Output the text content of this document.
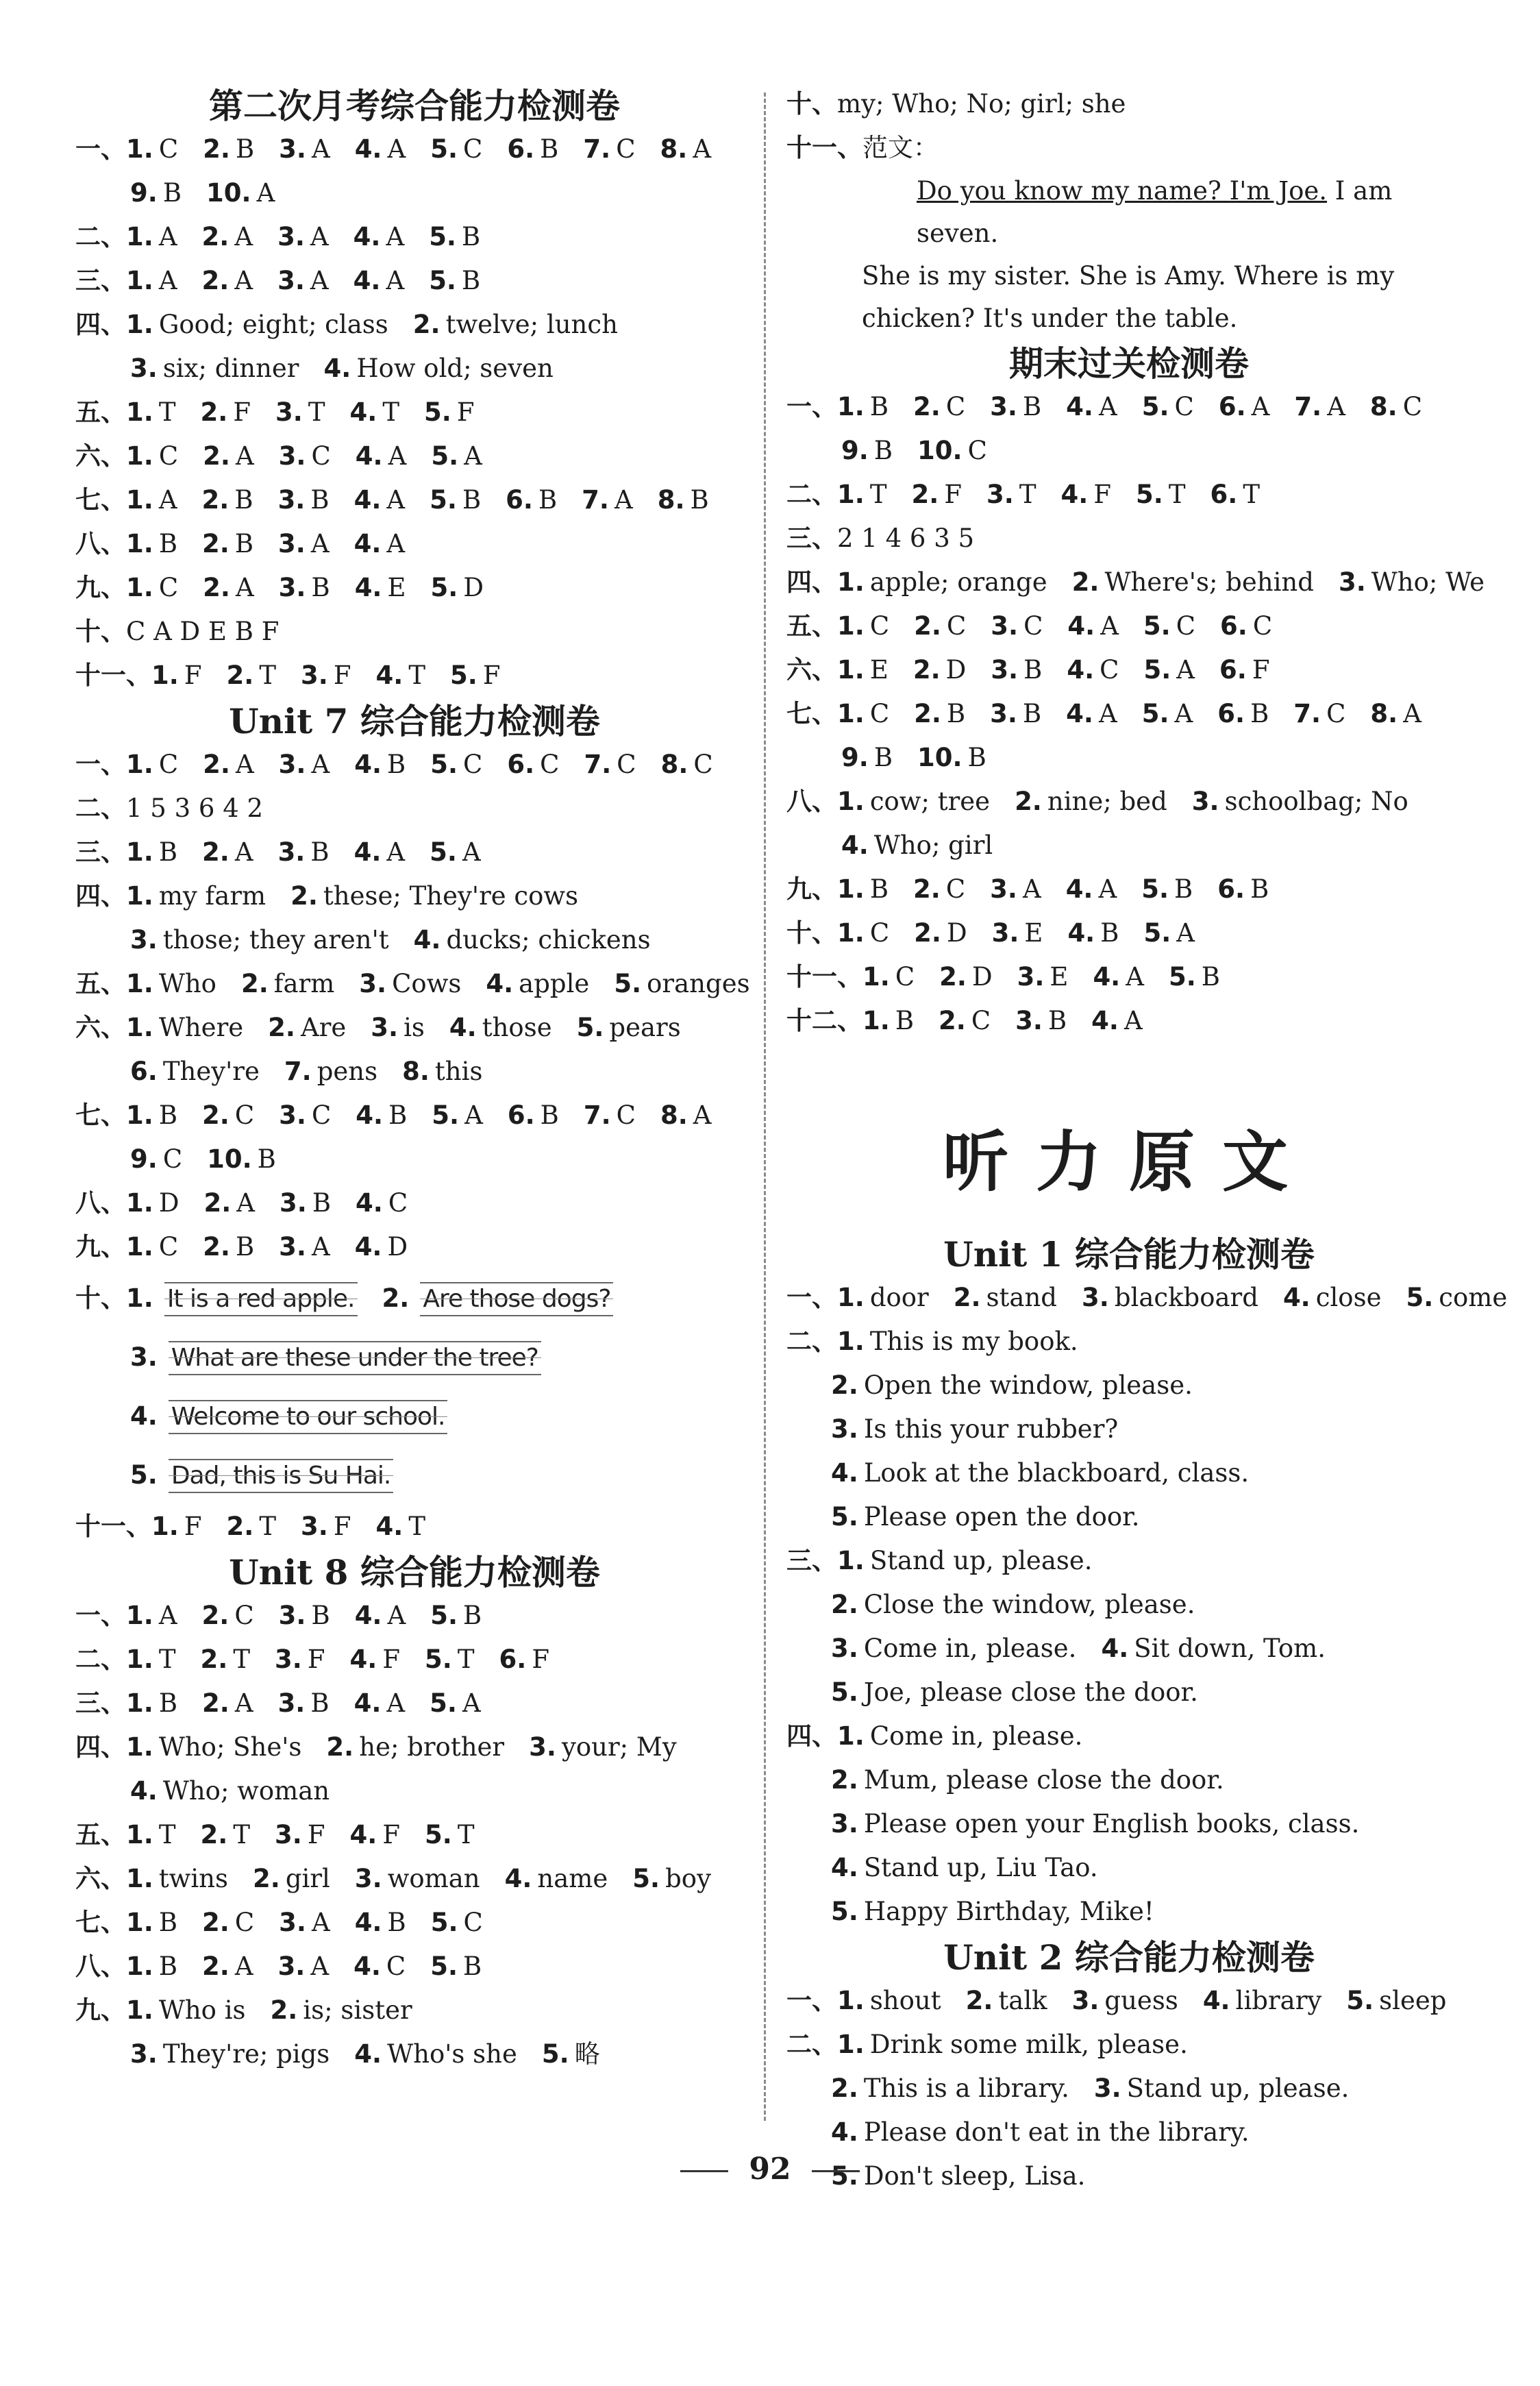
第二次月考综合能力检测卷
一、1. C 2. B 3. A 4. A 5. C 6. B 7. C 8. A
9. B 10. A
二、1. A 2. A 3. A 4. A 5. B
三、1. A 2. A 3. A 4. A 5. B
四、1. Good; eight; class 2. twelve; lunch
3. six; dinner 4. How old; seven
五、1. T 2. F 3. T 4. T 5. F
六、1. C 2. A 3. C 4. A 5. A
七、1. A 2. B 3. B 4. A 5. B 6. B 7. A 8. B
八、1. B 2. B 3. A 4. A
九、1. C 2. A 3. B 4. E 5. D
十、C A D E B F
十一、1. F 2. T 3. F 4. T 5. F
Unit 7 综合能力检测卷
一、1. C 2. A 3. A 4. B 5. C 6. C 7. C 8. C
二、1 5 3 6 4 2
三、1. B 2. A 3. B 4. A 5. A
四、1. my farm 2. these; They're cows
3. those; they aren't 4. ducks; chickens
五、1. Who 2. farm 3. Cows 4. apple 5. oranges
六、1. Where 2. Are 3. is 4. those 5. pears
6. They're 7. pens 8. this
七、1. B 2. C 3. C 4. B 5. A 6. B 7. C 8. A
9. C 10. B
八、1. D 2. A 3. B 4. C
九、1. C 2. B 3. A 4. D
十、1. It is a red apple. 2. Are those dogs?
3. What are these under the tree?
4. Welcome to our school.
5. Dad, this is Su Hai.
十一、1. F 2. T 3. F 4. T
Unit 8 综合能力检测卷
一、1. A 2. C 3. B 4. A 5. B
二、1. T 2. T 3. F 4. F 5. T 6. F
三、1. B 2. A 3. B 4. A 5. A
四、1. Who; She's 2. he; brother 3. your; My
4. Who; woman
五、1. T 2. T 3. F 4. F 5. T
六、1. twins 2. girl 3. woman 4. name 5. boy
七、1. B 2. C 3. A 4. B 5. C
八、1. B 2. A 3. A 4. C 5. B
九、1. Who is 2. is; sister
3. They're; pigs 4. Who's she 5. 略
十、my; Who; No; girl; she
十一、范文：

Do you know my name? I'm Joe. I am seven.

She is my sister. She is Amy. Where is my

chicken? It's under the table.

期末过关检测卷
一、1. B 2. C 3. B 4. A 5. C 6. A 7. A 8. C
9. B 10. C
二、1. T 2. F 3. T 4. F 5. T 6. T
三、2 1 4 6 3 5
四、1. apple; orange 2. Where's; behind 3. Who; We
五、1. C 2. C 3. C 4. A 5. C 6. C
六、1. E 2. D 3. B 4. C 5. A 6. F
七、1. C 2. B 3. B 4. A 5. A 6. B 7. C 8. A
9. B 10. B
八、1. cow; tree 2. nine; bed 3. schoolbag; No
4. Who; girl
九、1. B 2. C 3. A 4. A 5. B 6. B
十、1. C 2. D 3. E 4. B 5. A
十一、1. C 2. D 3. E 4. A 5. B
十二、1. B 2. C 3. B 4. A
听力原文
Unit 1 综合能力检测卷
一、1. door 2. stand 3. blackboard 4. close 5. come
二、1. This is my book.
2. Open the window, please.
3. Is this your rubber?
4. Look at the blackboard, class.
5. Please open the door.
三、1. Stand up, please.
2. Close the window, please.
3. Come in, please. 4. Sit down, Tom.
5. Joe, please close the door.
四、1. Come in, please.
2. Mum, please close the door.
3. Please open your English books, class.
4. Stand up, Liu Tao.
5. Happy Birthday, Mike!
Unit 2 综合能力检测卷
一、1. shout 2. talk 3. guess 4. library 5. sleep
二、1. Drink some milk, please.
2. This is a library. 3. Stand up, please.
4. Please don't eat in the library.
5. Don't sleep, Lisa.
92
